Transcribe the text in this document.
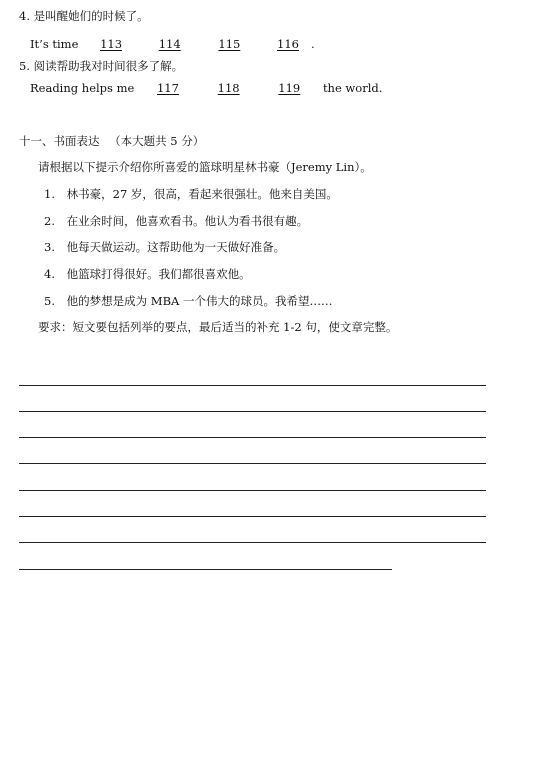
4. 是叫醒她们的时候了。
It’s time 113	114	115	116 .
5. 阅读帮助我对时间很多了解。
Reading helps me 117	118	119 the world.
十一、书面表达 （本大题共 5 分）
请根据以下提示介绍你所喜爱的篮球明星林书豪（Jeremy Lin）。
1. 林书豪，27 岁，很高，看起来很强壮。他来自美国。
2. 在业余时间，他喜欢看书。他认为看书很有趣。
3. 他每天做运动。这帮助他为一天做好准备。
4. 他篮球打得很好。我们都很喜欢他。
5. 他的梦想是成为 MBA 一个伟大的球员。我希望……
要求：短文要包括列举的要点，最后适当的补充 1-2 句，使文章完整。
